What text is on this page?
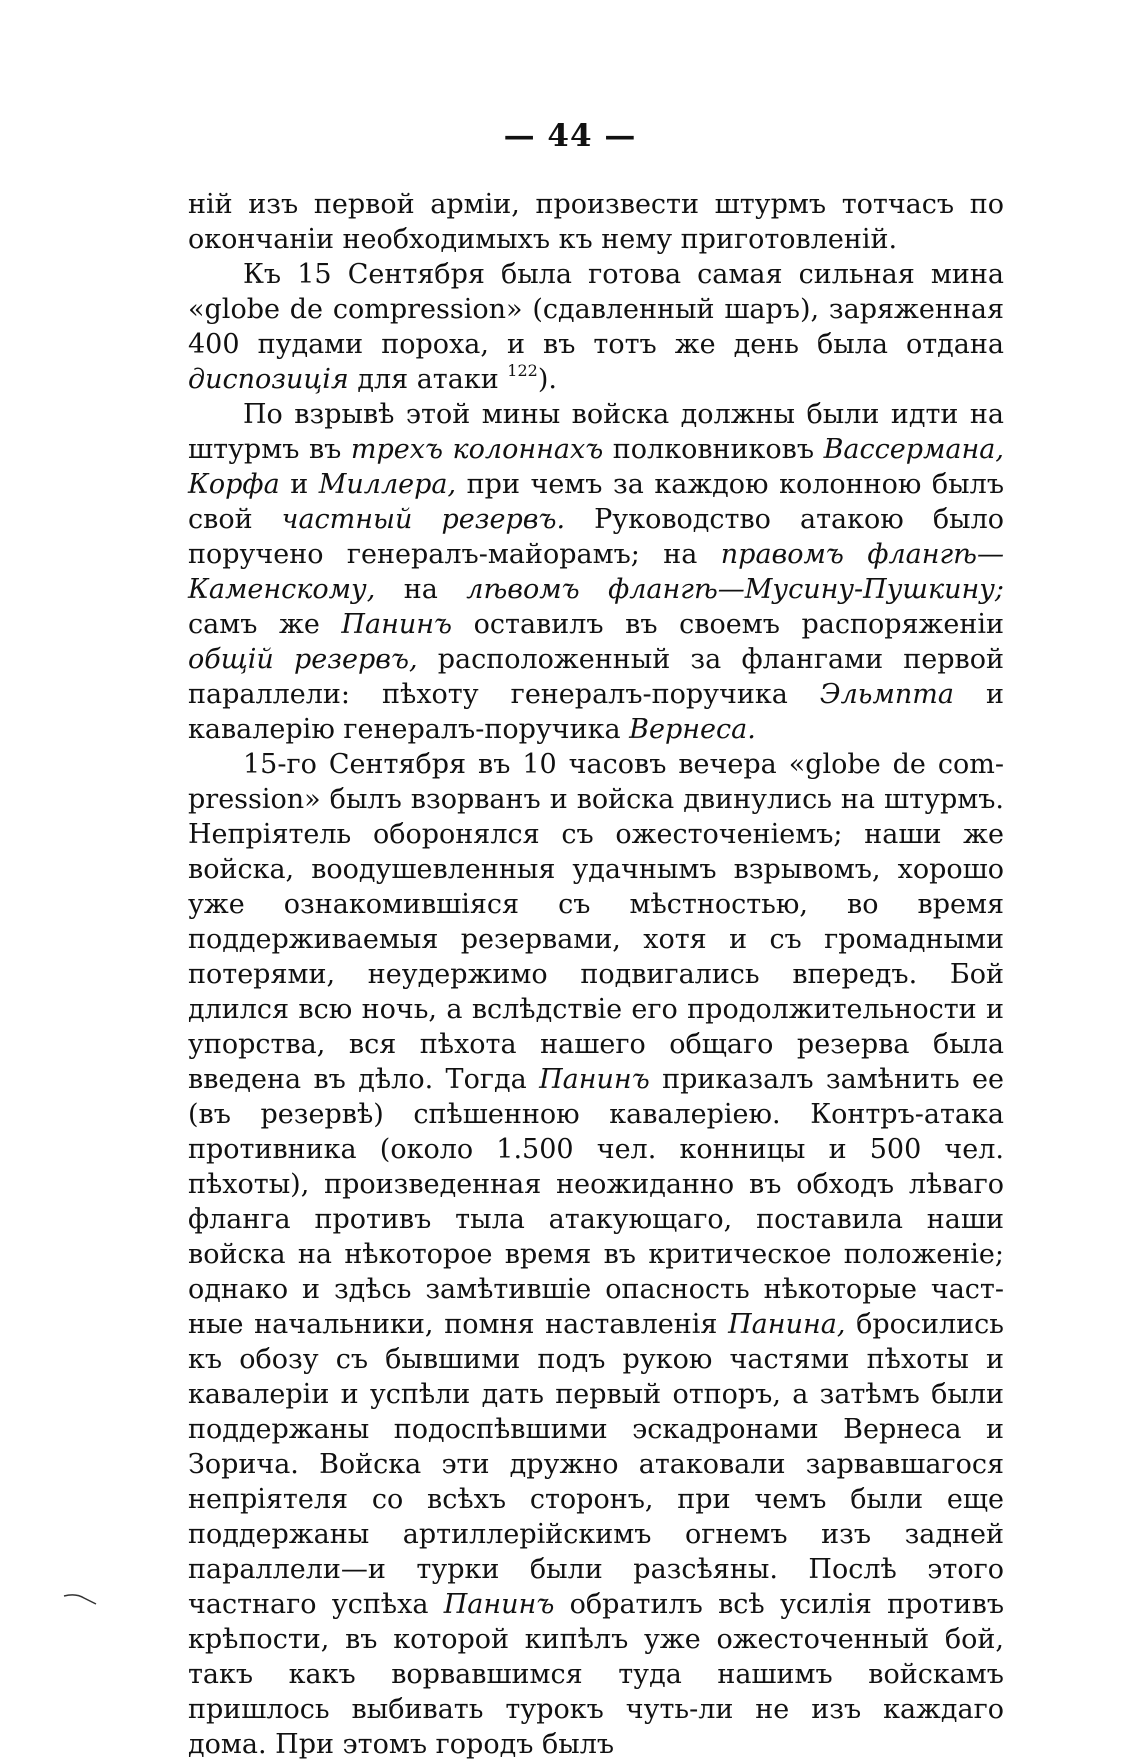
— 44 —

ній изъ первой арміи, произвести штурмъ тотчасъ по окончаніи необходимыхъ къ нему приготовленій.

Къ 15 Сентября была готова самая сильная мина «globe de compression» (сдавленный шаръ), заряженная 400 пудами пороха, и въ тотъ же день была отдана диспозиція для атаки $^{122}$).

По взрывѣ этой мины войска должны были идти на штурмъ въ трехъ колоннахъ полковниковъ Вассермана, Корфа и Миллера, при чемъ за каждою колонною былъ свой частный резервъ. Руководство атакою было поручено генералъ-майорамъ; на правомъ флангѣ—Каменскому, на лѣвомъ флангѣ—Мусину-Пушкину; самъ же Панинъ оставилъ въ своемъ распоряженіи общій резервъ, расположенный за флангами первой параллели: пѣхоту генералъ-поручика Эльмпта и кавалерію генералъ-поручика Вернеса.

15-го Сентября въ 10 часовъ вечера «globe de compression» былъ взорванъ и войска двинулись на штурмъ. Непріятель оборонялся съ ожесточеніемъ; наши же войска, воодушевленныя удачнымъ взрывомъ, хорошо уже ознакомившіяся съ мѣстностью, во время поддерживаемыя резервами, хотя и съ громадными потерями, неудержимо подвигались впередъ. Бой длился всю ночь, а вслѣдствіе его продолжительности и упорства, вся пѣхота нашего общаго резерва была введена въ дѣло. Тогда Панинъ приказалъ замѣнить ее (въ резервѣ) спѣшенною кавалеріею. Контръ-атака противника (около 1.500 чел. конницы и 500 чел. пѣхоты), произведенная неожиданно въ обходъ лѣваго фланга противъ тыла атакующаго, поставила наши войска на нѣкоторое время въ критическое положеніе; однако и здѣсь замѣтившіе опасность нѣкоторые частные начальники, помня наставленія Панина, бросились къ обозу съ бывшими подъ рукою частями пѣхоты и кавалеріи и успѣли дать первый отпоръ, а затѣмъ были поддержаны подоспѣвшими эскадронами Вернеса и Зорича. Войска эти дружно атаковали зарвавшагося непріятеля со всѣхъ сторонъ, при чемъ были еще поддержаны артиллерійскимъ огнемъ изъ задней параллели—и турки были разсѣяны. Послѣ этого частнаго успѣха Панинъ обратилъ всѣ усилія противъ крѣпости, въ которой кипѣлъ уже ожесточенный бой, такъ какъ ворвавшимся туда нашимъ войскамъ пришлось выбивать турокъ чуть-ли не изъ каждаго дома. При этомъ городъ былъ
